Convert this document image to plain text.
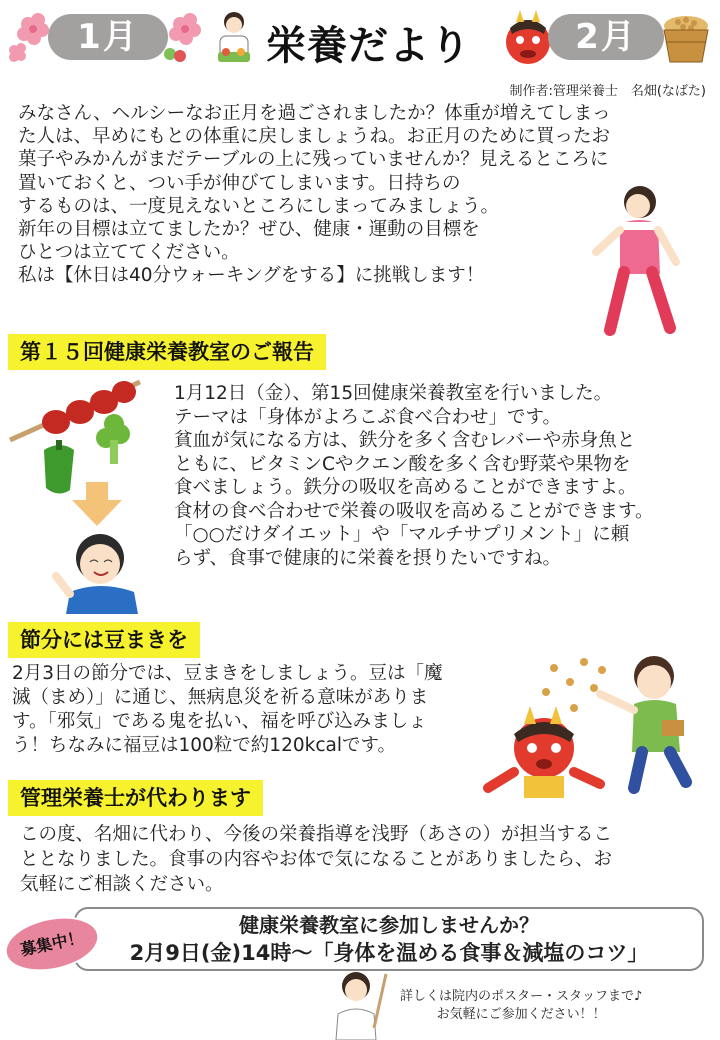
1月	栄養だより	2月
制作者:管理栄養士　名畑(なばた)

みなさん、ヘルシーなお正月を過ごされましたか？体重が増えてしまっ

た人は、早めにもとの体重に戻しましょうね。お正月のために買ったお

菓子やみかんがまだテーブルの上に残っていませんか？見えるところに

置いておくと、つい手が伸びてしまいます。日持ちの

するものは、一度見えないところにしまってみましょう。

新年の目標は立てましたか？ぜひ、健康・運動の目標を

ひとつは立ててください。

私は【休日は40分ウォーキングをする】に挑戦します！

第１５回健康栄養教室のご報告

1月12日（金）、第15回健康栄養教室を行いました。

テーマは「身体がよろこぶ食べ合わせ」です。

貧血が気になる方は、鉄分を多く含むレバーや赤身魚と

ともに、ビタミンCやクエン酸を多く含む野菜や果物を

食べましょう。鉄分の吸収を高めることができますよ。

食材の食べ合わせで栄養の吸収を高めることができます。

「○○だけダイエット」や「マルチサプリメント」に頼

らず、食事で健康的に栄養を摂りたいですね。

節分には豆まきを

2月3日の節分では、豆まきをしましょう。豆は「魔

滅（まめ）」に通じ、無病息災を祈る意味がありま

す。「邪気」である鬼を払い、福を呼び込みましょ

う！ちなみに福豆は100粒で約120kcalです。

管理栄養士が代わります

この度、名畑に代わり、今後の栄養指導を浅野（あさの）が担当するこ

ととなりました。食事の内容やお体で気になることがありましたら、お

気軽にご相談ください。

健康栄養教室に参加しませんか？
2月9日(金)14時～「身体を温める食事＆減塩のコツ」
募集中！
詳しくは院内のポスター・スタッフまで♪
お気軽にご参加ください！！
